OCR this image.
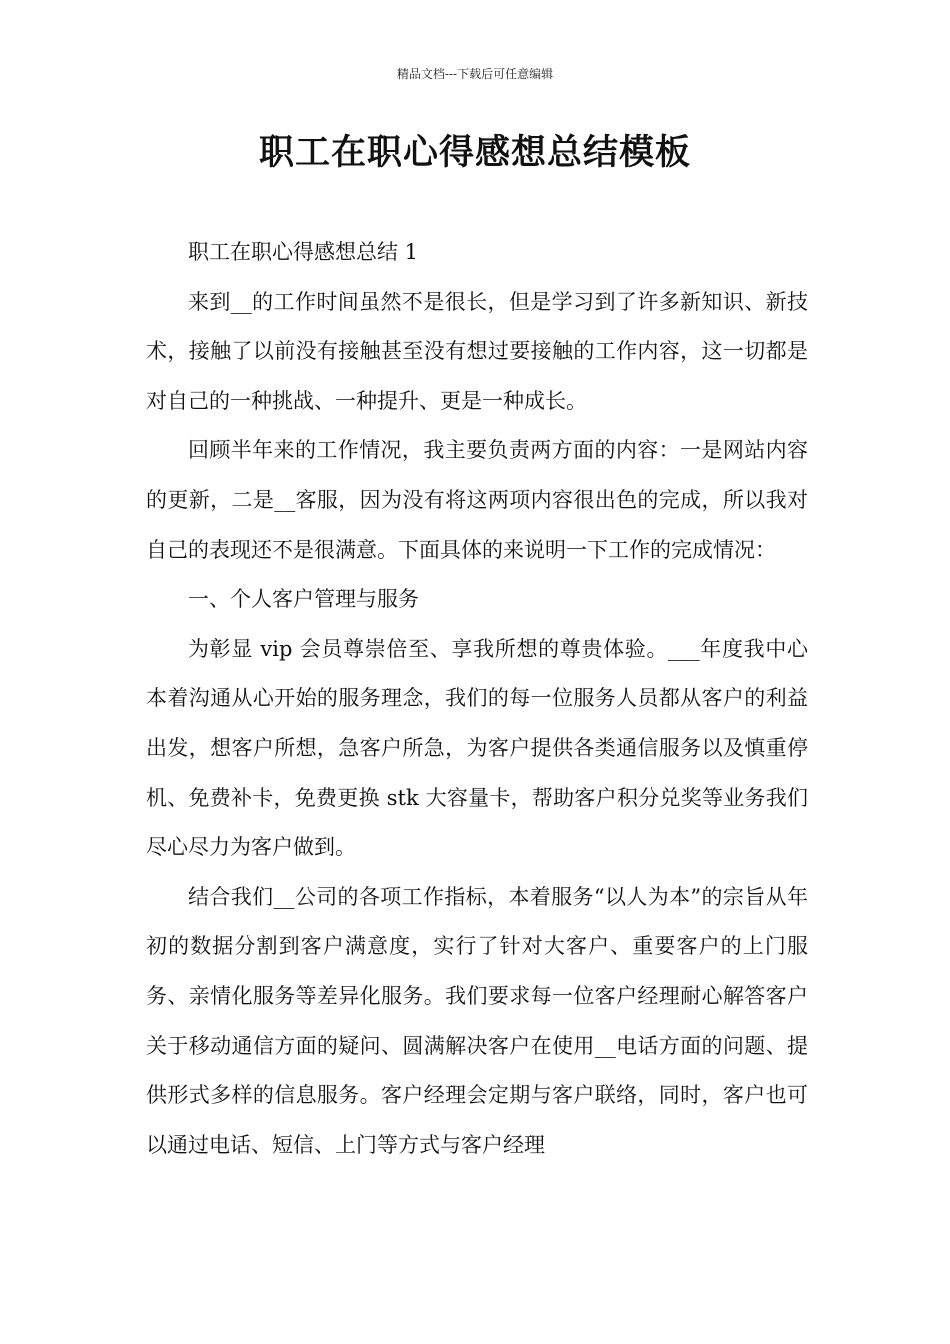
精品文档---下载后可任意编辑
职工在职心得感想总结模板

职工在职心得感想总结 1

来到__的工作时间虽然不是很长，但是学习到了许多新知识、新技术，接触了以前没有接触甚至没有想过要接触的工作内容，这一切都是对自己的一种挑战、一种提升、更是一种成长。

回顾半年来的工作情况，我主要负责两方面的内容：一是网站内容的更新，二是__客服，因为没有将这两项内容很出色的完成，所以我对自己的表现还不是很满意。下面具体的来说明一下工作的完成情况：

一、个人客户管理与服务

为彰显 vip 会员尊崇倍至、享我所想的尊贵体验。___年度我中心本着沟通从心开始的服务理念，我们的每一位服务人员都从客户的利益出发，想客户所想，急客户所急，为客户提供各类通信服务以及慎重停机、免费补卡，免费更换 stk 大容量卡，帮助客户积分兑奖等业务我们尽心尽力为客户做到。

结合我们__公司的各项工作指标，本着服务“以人为本”的宗旨从年初的数据分割到客户满意度，实行了针对大客户、重要客户的上门服务、亲情化服务等差异化服务。我们要求每一位客户经理耐心解答客户关于移动通信方面的疑问、圆满解决客户在使用__电话方面的问题、提供形式多样的信息服务。客户经理会定期与客户联络，同时，客户也可以通过电话、短信、上门等方式与客户经理
